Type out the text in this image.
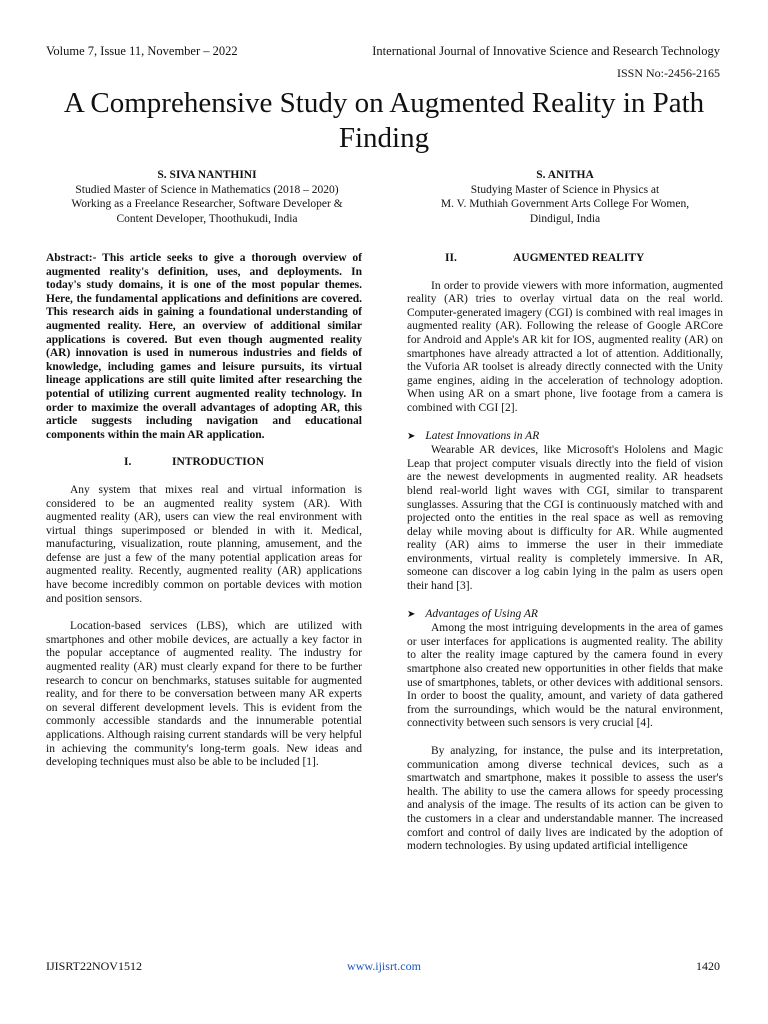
Volume 7, Issue 11, November – 2022	International Journal of Innovative Science and Research Technology
ISSN No:-2456-2165
A Comprehensive Study on Augmented Reality in Path Finding
S. SIVA NANTHINI
Studied Master of Science in Mathematics (2018 – 2020)
Working as a Freelance Researcher, Software Developer &
Content Developer, Thoothukudi, India
S. ANITHA
Studying Master of Science in Physics at
M. V. Muthiah Government Arts College For Women,
Dindigul, India

Abstract:- This article seeks to give a thorough overview of augmented reality's definition, uses, and deployments. In today's study domains, it is one of the most popular themes. Here, the fundamental applications and definitions are covered. This research aids in gaining a foundational understanding of augmented reality. Here, an overview of additional similar applications is covered. But even though augmented reality (AR) innovation is used in numerous industries and fields of knowledge, including games and leisure pursuits, its virtual lineage applications are still quite limited after researching the potential of utilizing current augmented reality technology. In order to maximize the overall advantages of adopting AR, this article suggests including navigation and educational components within the main AR application.

I.	INTRODUCTION

Any system that mixes real and virtual information is considered to be an augmented reality system (AR). With augmented reality (AR), users can view the real environment with virtual things superimposed or blended in with it. Medical, manufacturing, visualization, route planning, amusement, and the defense are just a few of the many potential application areas for augmented reality. Recently, augmented reality (AR) applications have become incredibly common on portable devices with motion and position sensors.

Location-based services (LBS), which are utilized with smartphones and other mobile devices, are actually a key factor in the popular acceptance of augmented reality. The industry for augmented reality (AR) must clearly expand for there to be further research to concur on benchmarks, statuses suitable for augmented reality, and for there to be conversation between many AR experts on several different development levels. This is evident from the commonly accessible standards and the innumerable potential applications. Although raising current standards will be very helpful in achieving the community's long-term goals. New ideas and developing techniques must also be able to be included [1].

II.	AUGMENTED REALITY

In order to provide viewers with more information, augmented reality (AR) tries to overlay virtual data on the real world. Computer-generated imagery (CGI) is combined with real images in augmented reality (AR). Following the release of Google ARCore for Android and Apple's AR kit for IOS, augmented reality (AR) on smartphones have already attracted a lot of attention. Additionally, the Vuforia AR toolset is already directly connected with the Unity game engines, aiding in the acceleration of technology adoption. When using AR on a smart phone, live footage from a camera is combined with CGI [2].

➤ Latest Innovations in AR

Wearable AR devices, like Microsoft's Hololens and Magic Leap that project computer visuals directly into the field of vision are the newest developments in augmented reality. AR headsets blend real-world light waves with CGI, similar to transparent sunglasses. Assuring that the CGI is continuously matched with and projected onto the entities in the real space as well as removing delay while moving about is difficulty for AR. While augmented reality (AR) aims to immerse the user in their immediate environments, virtual reality is completely immersive. In AR, someone can discover a log cabin lying in the palm as users open their hand [3].

➤ Advantages of Using AR

Among the most intriguing developments in the area of games or user interfaces for applications is augmented reality. The ability to alter the reality image captured by the camera found in every smartphone also created new opportunities in other fields that make use of smartphones, tablets, or other devices with additional sensors. In order to boost the quality, amount, and variety of data gathered from the surroundings, which would be the natural environment, connectivity between such sensors is very crucial [4].

By analyzing, for instance, the pulse and its interpretation, communication among diverse technical devices, such as a smartwatch and smartphone, makes it possible to assess the user's health. The ability to use the camera allows for speedy processing and analysis of the image. The results of its action can be given to the customers in a clear and understandable manner. The increased comfort and control of daily lives are indicated by the adoption of modern technologies. By using updated artificial intelligence

IJISRT22NOV1512	www.ijisrt.com	1420
